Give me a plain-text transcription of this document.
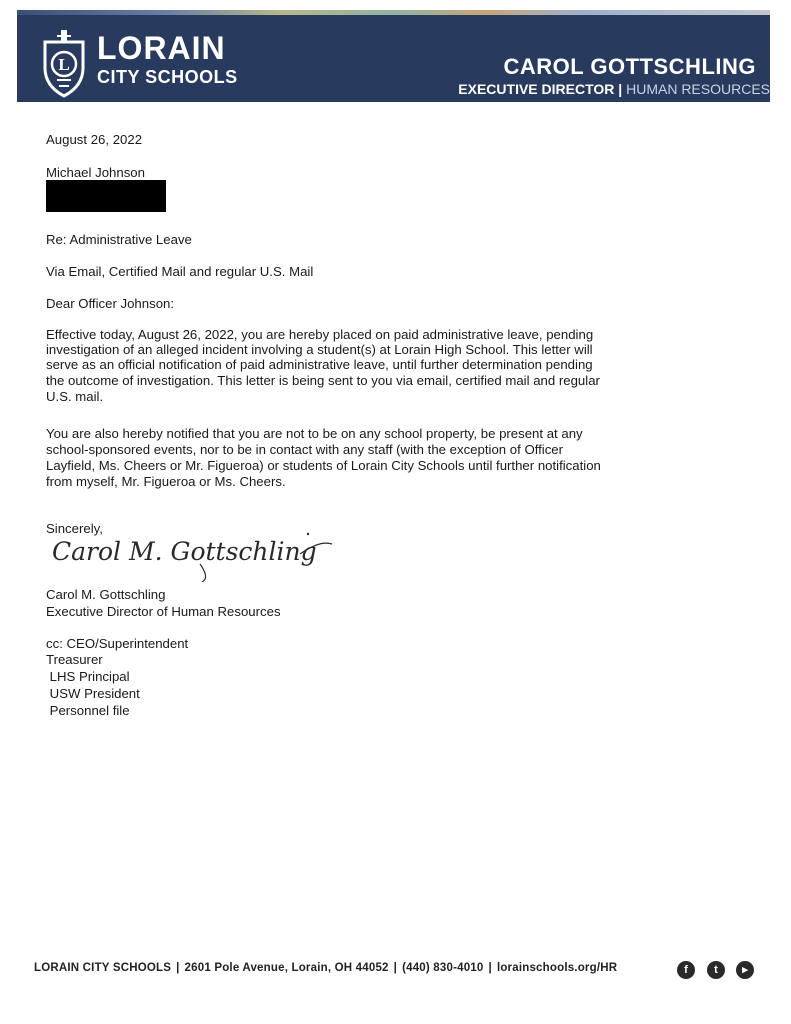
L LORAIN
CITY SCHOOLS	CAROL GOTTSCHLING
EXECUTIVE DIRECTOR | HUMAN RESOURCES
August 26, 2022
Michael Johnson
Re: Administrative Leave
Via Email, Certified Mail and regular U.S. Mail
Dear Officer Johnson:
Effective today, August 26, 2022, you are hereby placed on paid administrative leave, pending
investigation of an alleged incident involving a student(s) at Lorain High School. This letter will
serve as an official notification of paid administrative leave, until further determination pending
the outcome of investigation. This letter is being sent to you via email, certified mail and regular
U.S. mail.
You are also hereby notified that you are not to be on any school property, be present at any
school-sponsored events, nor to be in contact with any staff (with the exception of Officer
Layfield, Ms. Cheers or Mr. Figueroa) or students of Lorain City Schools until further notification
from myself, Mr. Figueroa or Ms. Cheers.
Sincerely,
Carol M. Gottschling
Carol M. Gottschling
Executive Director of Human Resources
cc: CEO/Superintendent
Treasurer
LHS Principal
USW President
Personnel file
LORAIN CITY SCHOOLS | 2601 Pole Avenue, Lorain, OH 44052 | (440) 830-4010 | lorainschools.org/HR	f	t	▸
